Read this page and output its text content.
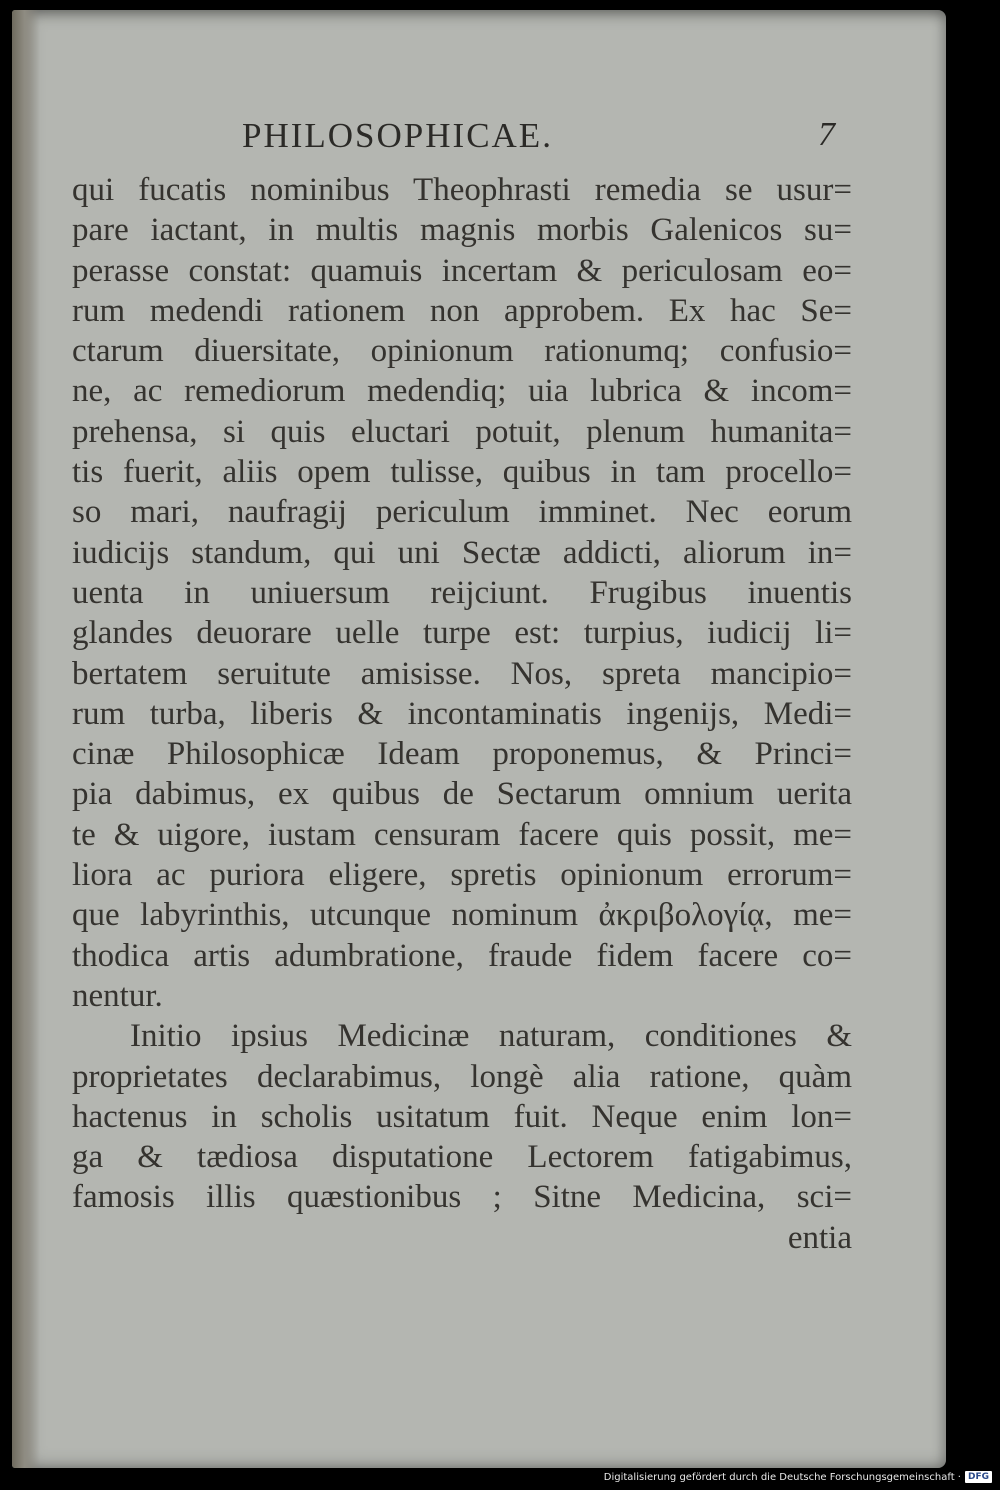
PHILOSOPHICAE.	7
qui fucatis nominibus Theophrasti remedia se usur=
pare iactant, in multis magnis morbis Galenicos su=
perasse constat: quamuis incertam & periculosam eo=
rum medendi rationem non approbem. Ex hac Se=
ctarum diuersitate, opinionum rationumq; confusio=
ne, ac remediorum medendiq; uia lubrica & incom=
prehensa, si quis eluctari potuit, plenum humanita=
tis fuerit, aliis opem tulisse, quibus in tam procello=
so mari, naufragij periculum imminet. Nec eorum
iudicijs standum, qui uni Sectæ addicti, aliorum in=
uenta in uniuersum reijciunt. Frugibus inuentis
glandes deuorare uelle turpe est: turpius, iudicij li=
bertatem seruitute amisisse. Nos, spreta mancipio=
rum turba, liberis & incontaminatis ingenijs, Medi=
cinæ Philosophicæ Ideam proponemus, & Princi=
pia dabimus, ex quibus de Sectarum omnium uerita
te & uigore, iustam censuram facere quis possit, me=
liora ac puriora eligere, spretis opinionum errorum=
que labyrinthis, utcunque nominum ἀκριβολογίᾳ, me=
thodica artis adumbratione, fraude fidem facere co=
nentur.
Initio ipsius Medicinæ naturam, conditiones &
proprietates declarabimus, longè alia ratione, quàm
hactenus in scholis usitatum fuit. Neque enim lon=
ga & tædiosa disputatione Lectorem fatigabimus,
famosis illis quæstionibus ; Sitne Medicina, sci=
entia
Digitalisierung gefördert durch die Deutsche Forschungsgemeinschaft · DFG
